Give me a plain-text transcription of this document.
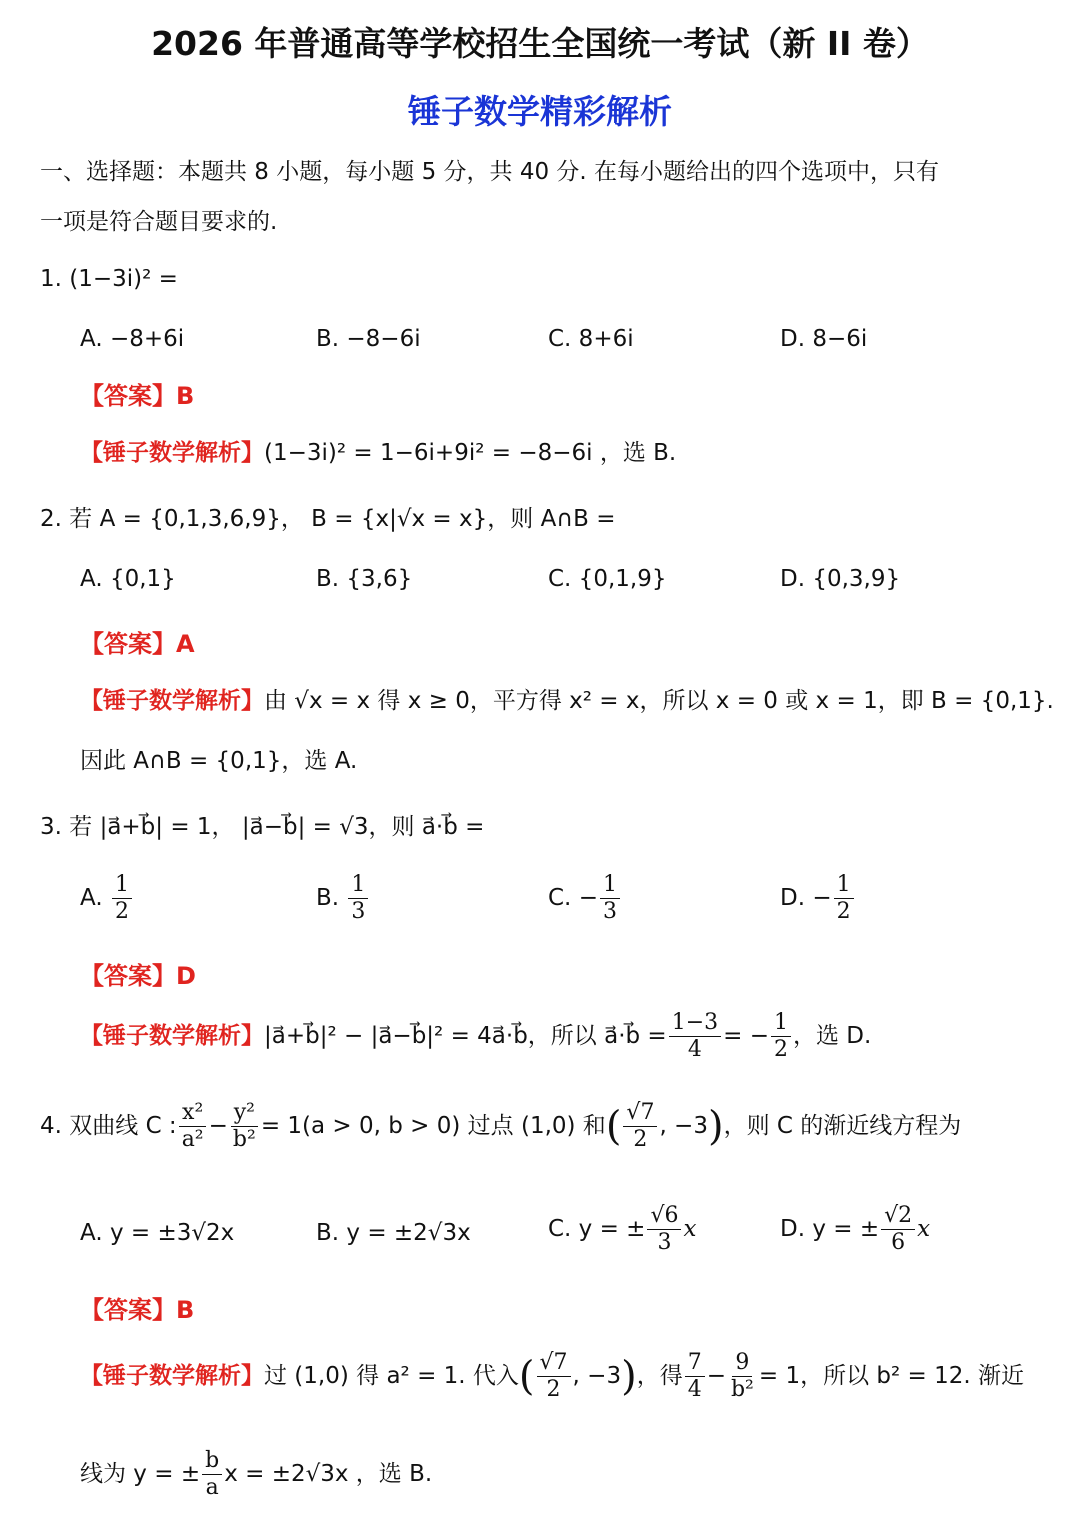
2026 年普通高等学校招生全国统一考试（新 II 卷）
锤子数学精彩解析
一、选择题：本题共 8 小题，每小题 5 分，共 40 分. 在每小题给出的四个选项中，只有
一项是符合题目要求的.
1. (1−3i)² =
A. −8+6i	B. −8−6i	C. 8+6i	D. 8−6i
【答案】B
【锤子数学解析】(1−3i)² = 1−6i+9i² = −8−6i ，选 B.
2. 若 A = {0,1,3,6,9}， B = {x|√x = x}，则 A∩B =
A. {0,1}	B. {3,6}	C. {0,1,9}	D. {0,3,9}
【答案】A
【锤子数学解析】由 √x = x 得 x ≥ 0，平方得 x² = x，所以 x = 0 或 x = 1，即 B = {0,1}.
因此 A∩B = {0,1}，选 A.
3. 若 |a⃗+b⃗| = 1， |a⃗−b⃗| = √3，则 a⃗·b⃗ =
A. $\frac{1}{2}$	B. $\frac{1}{3}$	C. − $\frac{1}{3}$	D. − $\frac{1}{2}$
【答案】D
【锤子数学解析】|a⃗+b⃗|² − |a⃗−b⃗|² = 4a⃗·b⃗，所以 a⃗·b⃗ = $\frac{1-3}{4}$ = − $\frac{1}{2}$ ，选 D.
4. 双曲线 C : $\frac{\text{x²}}{\text{a²}} - \frac{\text{y²}}{\text{b²}} = 1(a > 0$, b > 0) 过点 (1,0) 和( $\frac{√7}{2}$ , −3)，则 C 的渐近线方程为
A. y = ±3√2x	B. y = ±2√3x	C. y = ± $\frac{√6}{3}$ x	D. y = ± $\frac{√2}{6}$ x
【答案】B
【锤子数学解析】过 (1,0) 得 a² = 1. 代入( $\frac{√7}{2}$ , −3)，得 $\frac{7}{4} - \frac{9}{\text{b²}} = 1$，所以 b² = 12. 渐近
线为 y = ± $\frac{b}{a}$ x = ±2√3x ，选 B.
